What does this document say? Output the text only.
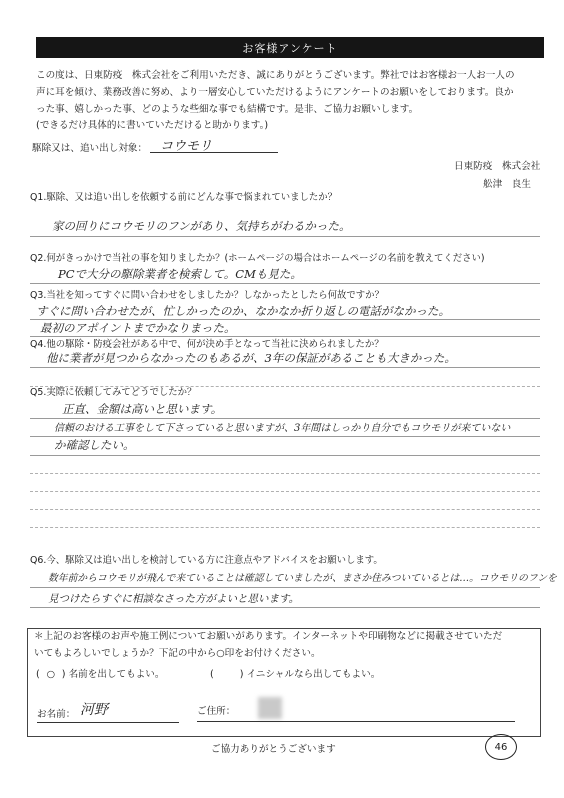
お客様アンケート
この度は、日東防疫　株式会社をご利用いただき、誠にありがとうございます。弊社ではお客様お一人お一人の
声に耳を傾け、業務改善に努め、より一層安心していただけるようにアンケートのお願いをしております。良か
った事、嬉しかった事、どのような些細な事でも結構です。是非、ご協力お願いします。
(できるだけ具体的に書いていただけると助かります。)
駆除又は、追い出し対象： コウモリ
日東防疫　株式会社
舩津　良生
Q1.駆除、又は追い出しを依頼する前にどんな事で悩まれていましたか？
家の回りにコウモリのフンがあり、気持ちがわるかった。
Q2.何がきっかけで当社の事を知りましたか？(ホームページの場合はホームページの名前を教えてください)
PCで大分の駆除業者を検索して。CMも見た。
Q3.当社を知ってすぐに問い合わせをしましたか？しなかったとしたら何故ですか？
すぐに問い合わせたが、忙しかったのか、なかなか折り返しの電話がなかった。
最初のアポイントまでかなりまった。
Q4.他の駆除・防疫会社がある中で、何が決め手となって当社に決められましたか？
他に業者が見つからなかったのもあるが、3年の保証があることも大きかった。
Q5.実際に依頼してみてどうでしたか？
正直、金額は高いと思います。
信頼のおける工事をして下さっていると思いますが、3年間はしっかり自分でもコウモリが来ていない
か確認したい。
Q6.今、駆除又は追い出しを検討している方に注意点やアドバイスをお願いします。
数年前からコウモリが飛んで来ていることは確認していましたが、まさか住みついているとは…。コウモリのフンを
見つけたらすぐに相談なさった方がよいと思います。
＊上記のお客様のお声や施工例についてお願いがあります。インターネットや印刷物などに掲載させていただ
いてもよろしいでしょうか？下記の中から○印をお付けください。
( ○ ) 名前を出してもよい。	(	) イニシャルなら出してもよい。
お名前： 河野	ご住所：
ご協力ありがとうございます	46
